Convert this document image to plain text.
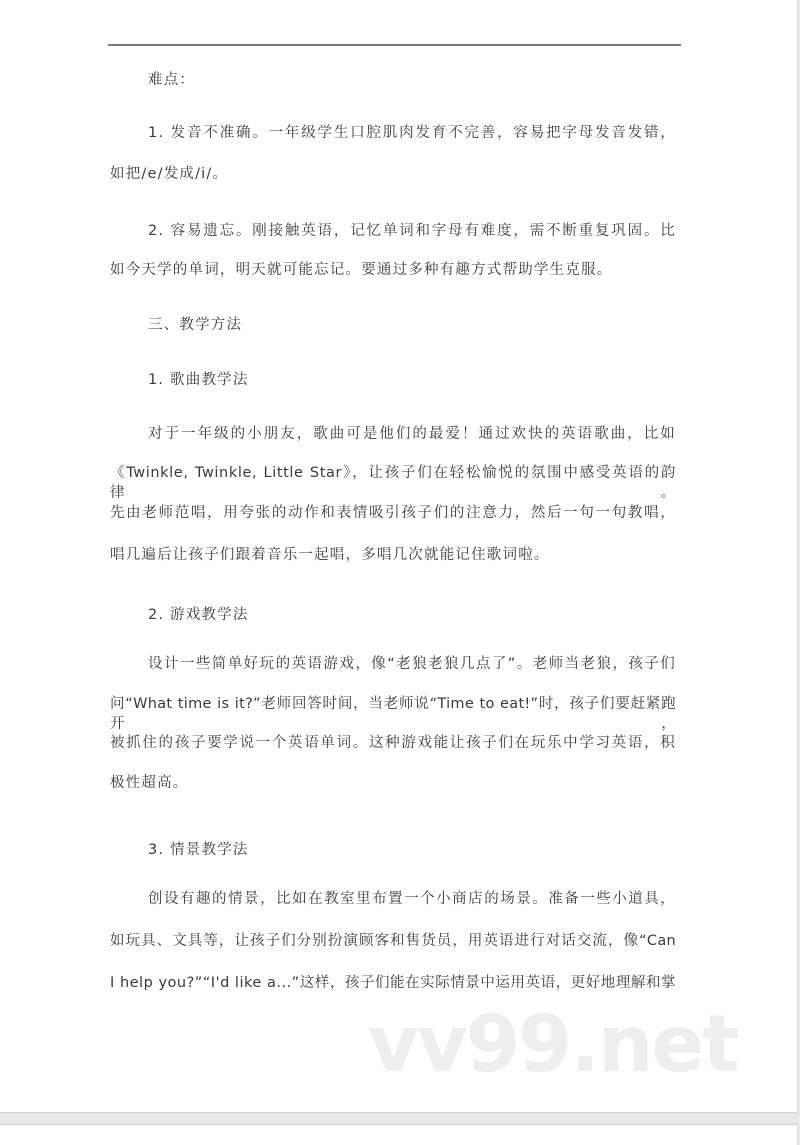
难点：
1. 发音不准确。一年级学生口腔肌肉发育不完善，容易把字母发音发错，
如把/e/发成/i/。
2. 容易遗忘。刚接触英语，记忆单词和字母有难度，需不断重复巩固。比
如今天学的单词，明天就可能忘记。要通过多种有趣方式帮助学生克服。
三、教学方法
1. 歌曲教学法
对于一年级的小朋友，歌曲可是他们的最爱！通过欢快的英语歌曲，比如
《Twinkle, Twinkle, Little Star》，让孩子们在轻松愉悦的氛围中感受英语的韵律。
先由老师范唱，用夸张的动作和表情吸引孩子们的注意力，然后一句一句教唱，
唱几遍后让孩子们跟着音乐一起唱，多唱几次就能记住歌词啦。
2. 游戏教学法
设计一些简单好玩的英语游戏，像“老狼老狼几点了”。老师当老狼，孩子们
问“What time is it?”老师回答时间，当老师说“Time to eat!”时，孩子们要赶紧跑开，
被抓住的孩子要学说一个英语单词。这种游戏能让孩子们在玩乐中学习英语，积
极性超高。
3. 情景教学法
创设有趣的情景，比如在教室里布置一个小商店的场景。准备一些小道具，
如玩具、文具等，让孩子们分别扮演顾客和售货员，用英语进行对话交流，像“Can
I help you?”“I'd like a...”这样，孩子们能在实际情景中运用英语，更好地理解和掌
vv99.net
